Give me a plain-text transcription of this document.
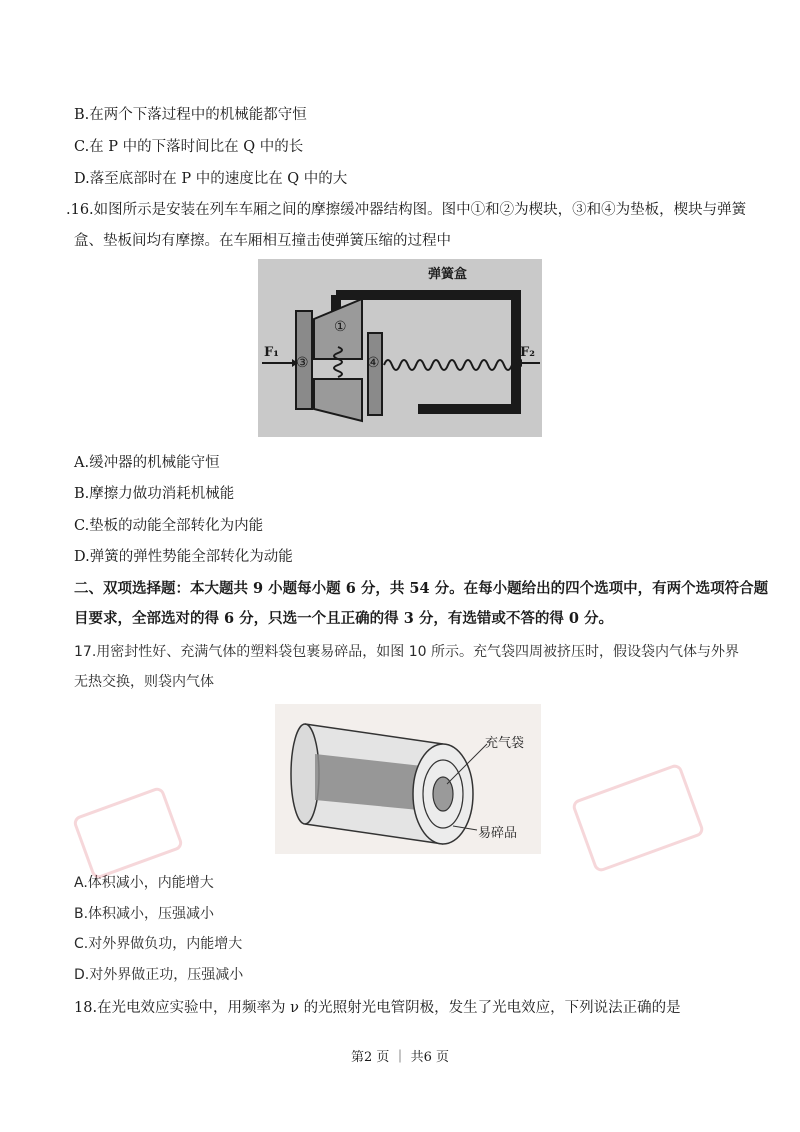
B.在两个下落过程中的机械能都守恒
C.在 P 中的下落时间比在 Q 中的长
D.落至底部时在 P 中的速度比在 Q 中的大
.16.如图所示是安装在列车车厢之间的摩擦缓冲器结构图。图中①和②为楔块，③和④为垫板，楔块与弹簧
盒、垫板间均有摩擦。在车厢相互撞击使弹簧压缩的过程中
弹簧盒
F₁	F₂
①
③	④
A.缓冲器的机械能守恒
B.摩擦力做功消耗机械能
C.垫板的动能全部转化为内能
D.弹簧的弹性势能全部转化为动能
二、双项选择题：本大题共 9 小题每小题 6 分，共 54 分。在每小题给出的四个选项中，有两个选项符合题
目要求，全部选对的得 6 分，只选一个且正确的得 3 分，有选错或不答的得 0 分。
17.用密封性好、充满气体的塑料袋包裹易碎品，如图 10 所示。充气袋四周被挤压时，假设袋内气体与外界
无热交换，则袋内气体
充气袋
易碎品
A.体积减小，内能增大
B.体积减小，压强减小
C.对外界做负功，内能增大
D.对外界做正功，压强减小
18.在光电效应实验中，用频率为 ν 的光照射光电管阴极，发生了光电效应，下列说法正确的是
第2 页 ｜ 共6 页
